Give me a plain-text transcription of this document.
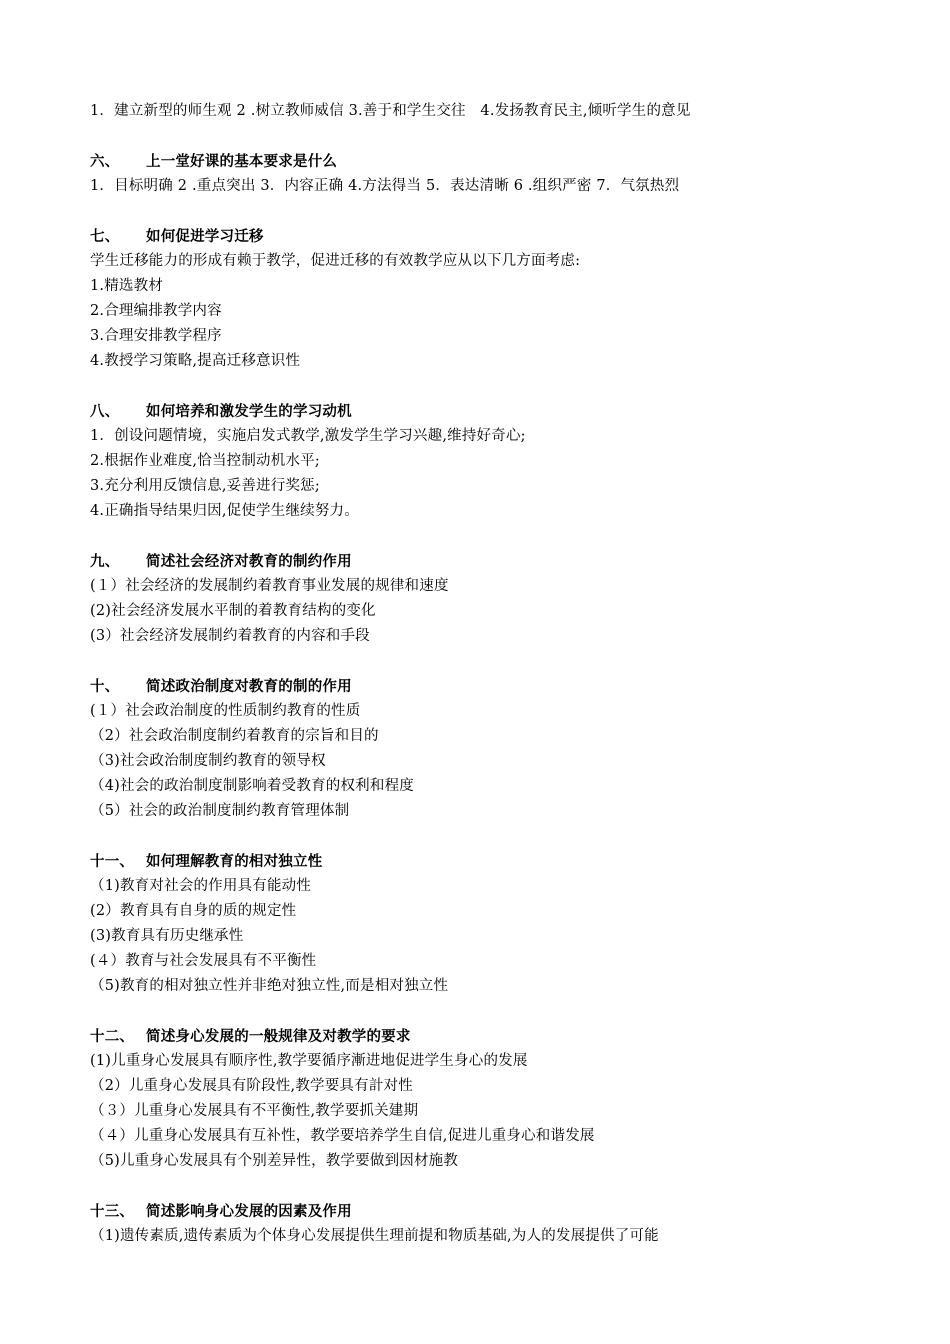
1．建立新型的师生观 2 .树立教师威信 3.善于和学生交往　4.发扬教育民主,倾听学生的意见
六、 上一堂好课的基本要求是什么
1．目标明确 2 .重点突出 3．内容正确 4.方法得当 5．表达清晰 6 .组织严密 7．气氛热烈
七、 如何促进学习迁移
学生迁移能力的形成有赖于教学，促进迁移的有效教学应从以下几方面考虑:
1.精选教材
2.合理编排教学内容
3.合理安排教学程序
4.教授学习策略,提高迁移意识性
八、 如何培养和激发学生的学习动机
1．创设问题情境，实施启发式教学,激发学生学习兴趣,维持好奇心;
2.根据作业难度,恰当控制动机水平;
3.充分利用反馈信息,妥善进行奖惩;
4.正确指导结果归因,促使学生继续努力。
九、 简述社会经济对教育的制约作用
(１）社会经济的发展制约着教育事业发展的规律和速度
(2)社会经济发展水平制的着教育结构的变化
(3）社会经济发展制约着教育的内容和手段
十、 简述政治制度对教育的制的作用
(１）社会政治制度的性质制约教育的性质
（2）社会政治制度制约着教育的宗旨和目的
（3)社会政治制度制约教育的领导权
（4)社会的政治制度制影响着受教育的权利和程度
（5）社会的政治制度制约教育管理体制
十一、 如何理解教育的相对独立性
（1)教育对社会的作用具有能动性
(2）教育具有自身的质的规定性
(3)教育具有历史继承性
(４）教育与社会发展具有不平衡性
（5)教育的相对独立性并非绝对独立性,而是相对独立性
十二、 简述身心发展的一般规律及对教学的要求
(1)儿重身心发展具有顺序性,教学要循序漸进地促进学生身心的发展
（2）儿重身心发展具有阶段性,教学要具有計对性
（３）儿重身心发展具有不平衡性,教学要抓关建期
（４）儿重身心发展具有互补性，教学要培养学生自信,促进儿重身心和谐发展
（5)儿重身心发展具有个别差异性，教学要做到因材施教
十三、 简述影响身心发展的因素及作用
（1)遗传素质,遗传素质为个体身心发展提供生理前提和物质基础,为人的发展提供了可能
